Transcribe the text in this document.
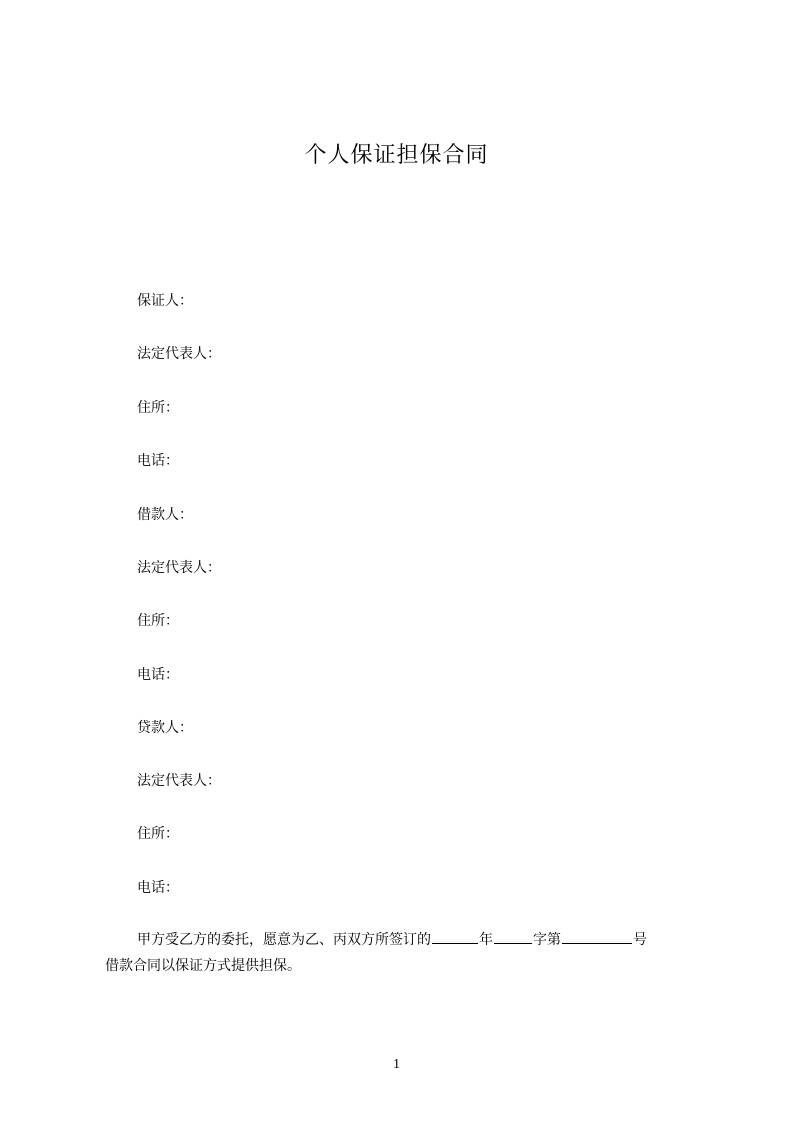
个人保证担保合同
保证人：
法定代表人：
住所：
电话：
借款人：
法定代表人：
住所：
电话：
贷款人：
法定代表人：
住所：
电话：
甲方受乙方的委托，愿意为乙、丙双方所签订的	年	字第	号
借款合同以保证方式提供担保。
1
